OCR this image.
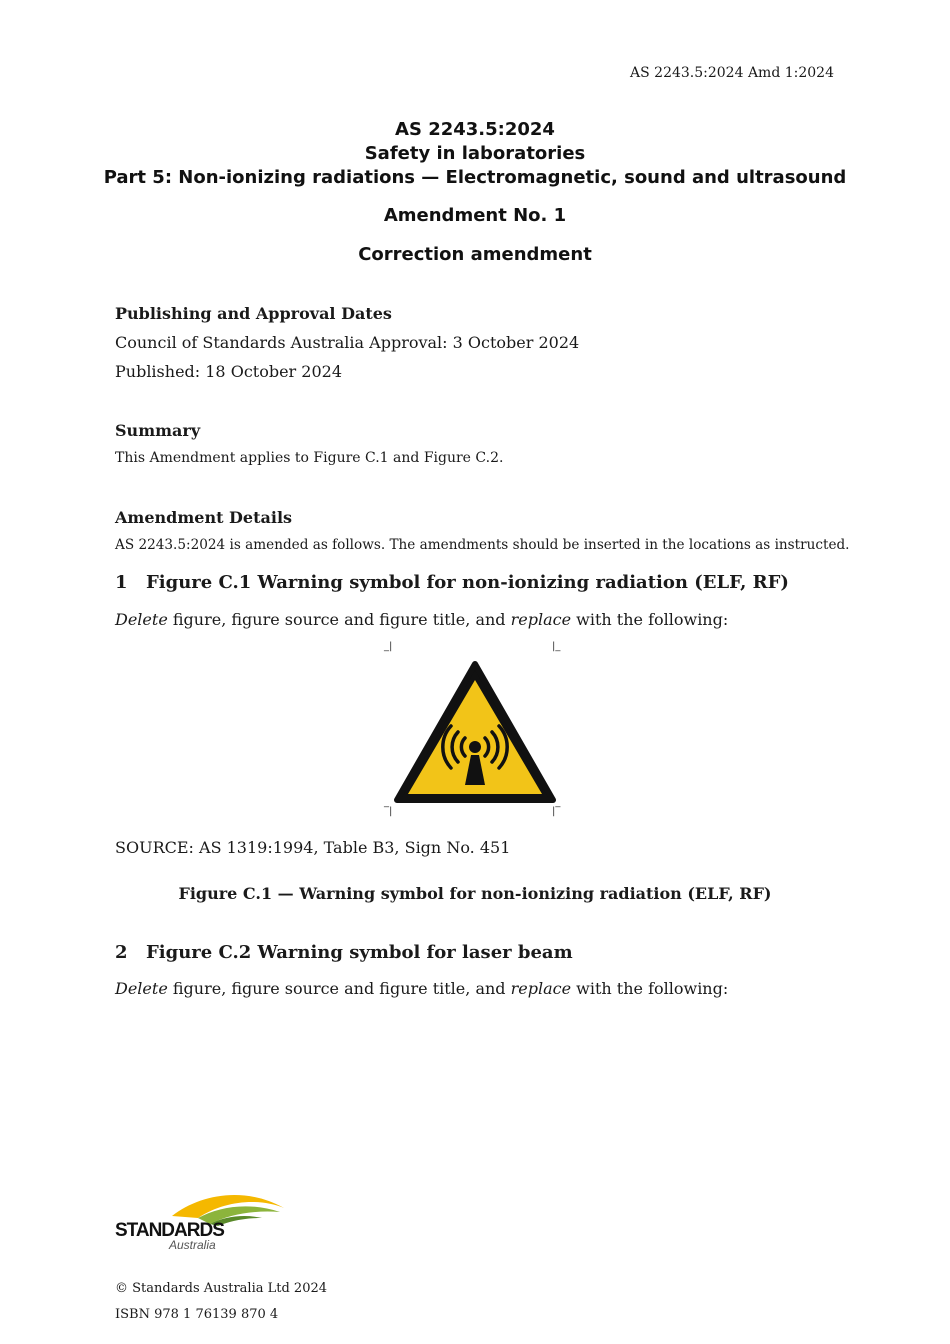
AS 2243.5:2024 Amd 1:2024
AS 2243.5:2024
Safety in laboratories
Part 5: Non-ionizing radiations — Electromagnetic, sound and ultrasound
Amendment No. 1
Correction amendment
Publishing and Approval Dates
Council of Standards Australia Approval: 3 October 2024
Published: 18 October 2024
Summary
This Amendment applies to Figure C.1 and Figure C.2.
Amendment Details
AS 2243.5:2024 is amended as follows. The amendments should be inserted in the locations as instructed.
1 Figure C.1 Warning symbol for non-ionizing radiation (ELF, RF)
Delete figure, figure source and figure title, and replace with the following:
_|	|_
‾|	|‾
SOURCE: AS 1319:1994, Table B3, Sign No. 451
Figure C.1 — Warning symbol for non-ionizing radiation (ELF, RF)
2 Figure C.2 Warning symbol for laser beam
Delete figure, figure source and figure title, and replace with the following:
STANDARDS
Australia
© Standards Australia Ltd 2024
ISBN 978 1 76139 870 4
